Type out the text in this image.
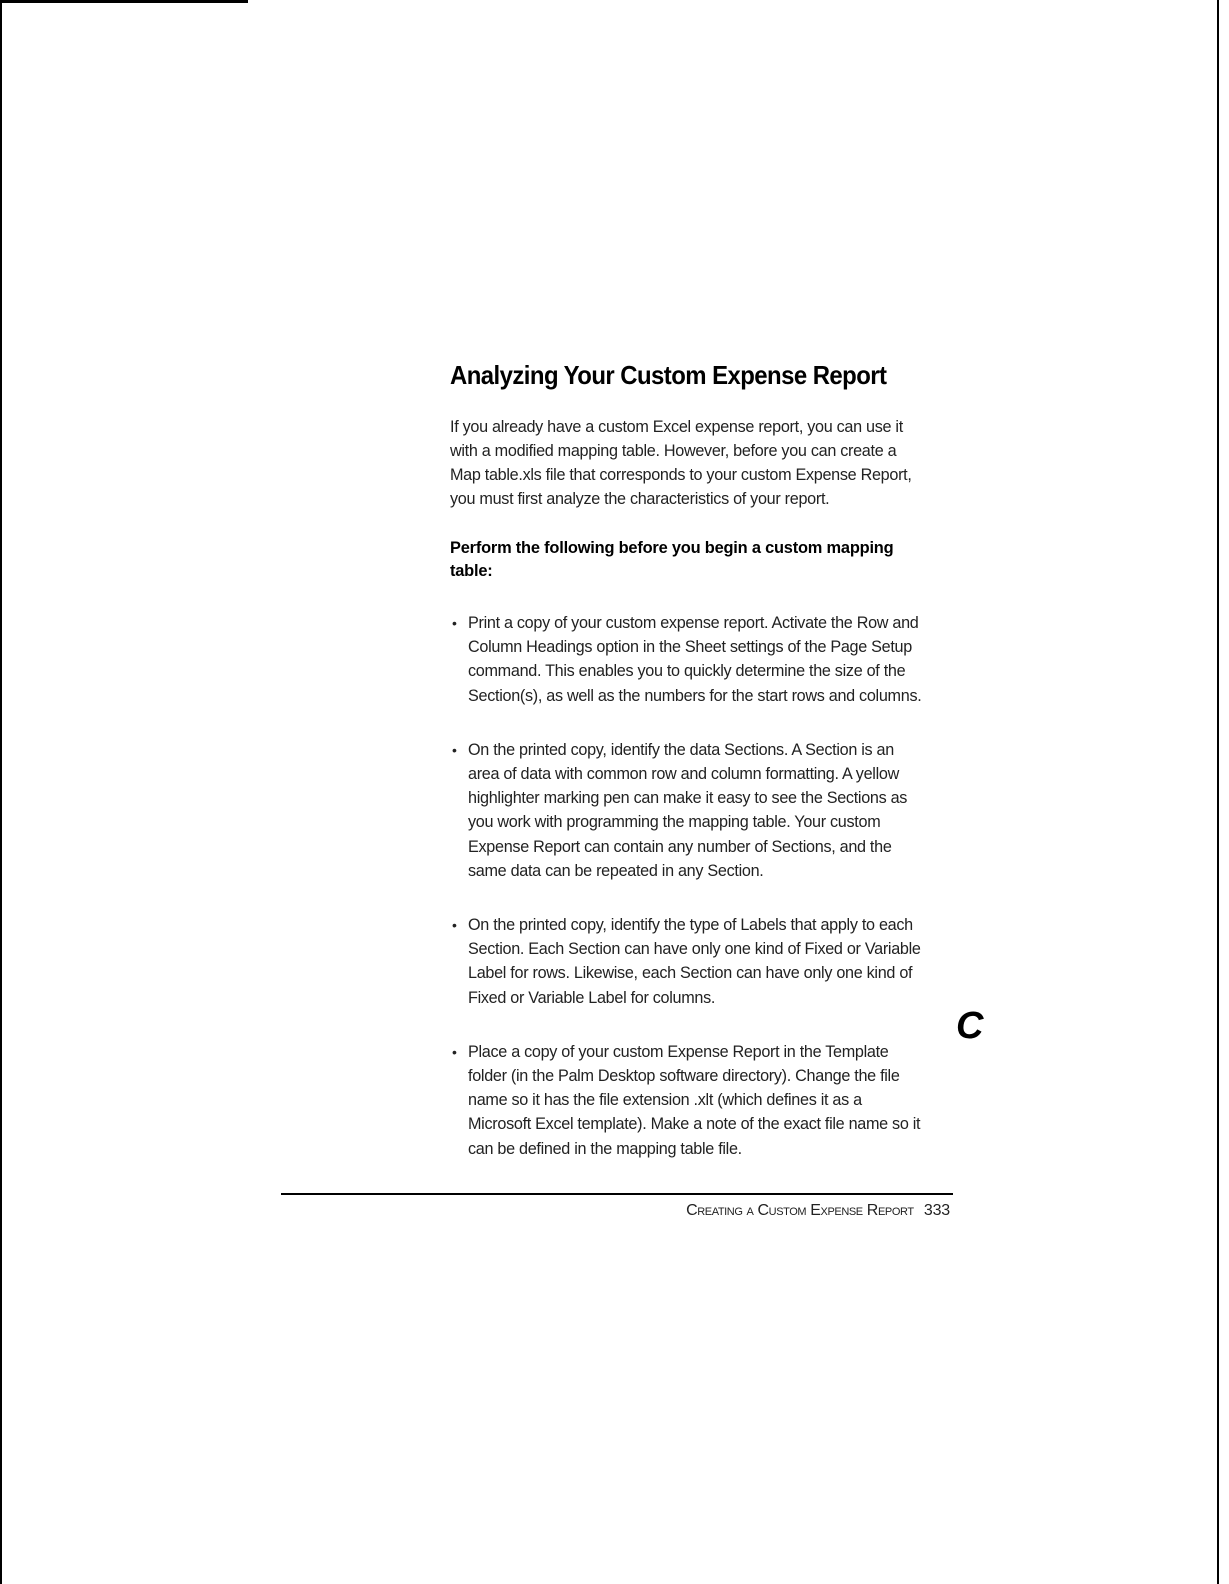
Analyzing Your Custom Expense Report

If you already have a custom Excel expense report, you can use it with a modified mapping table. However, before you can create a Map table.xls file that corresponds to your custom Expense Report, you must first analyze the characteristics of your report.

Perform the following before you begin a custom mapping table:

• Print a copy of your custom expense report. Activate the Row and Column Headings option in the Sheet settings of the Page Setup command. This enables you to quickly determine the size of the Section(s), as well as the numbers for the start rows and columns.
• On the printed copy, identify the data Sections. A Section is an area of data with common row and column formatting. A yellow highlighter marking pen can make it easy to see the Sections as you work with programming the mapping table. Your custom Expense Report can contain any number of Sections, and the same data can be repeated in any Section.
• On the printed copy, identify the type of Labels that apply to each Section. Each Section can have only one kind of Fixed or Variable Label for rows. Likewise, each Section can have only one kind of Fixed or Variable Label for columns.
• Place a copy of your custom Expense Report in the Template folder (in the Palm Desktop software directory). Change the file name so it has the file extension .xlt (which defines it as a Microsoft Excel template). Make a note of the exact file name so it can be defined in the mapping table file.
C
Creating a Custom Expense Report 333
